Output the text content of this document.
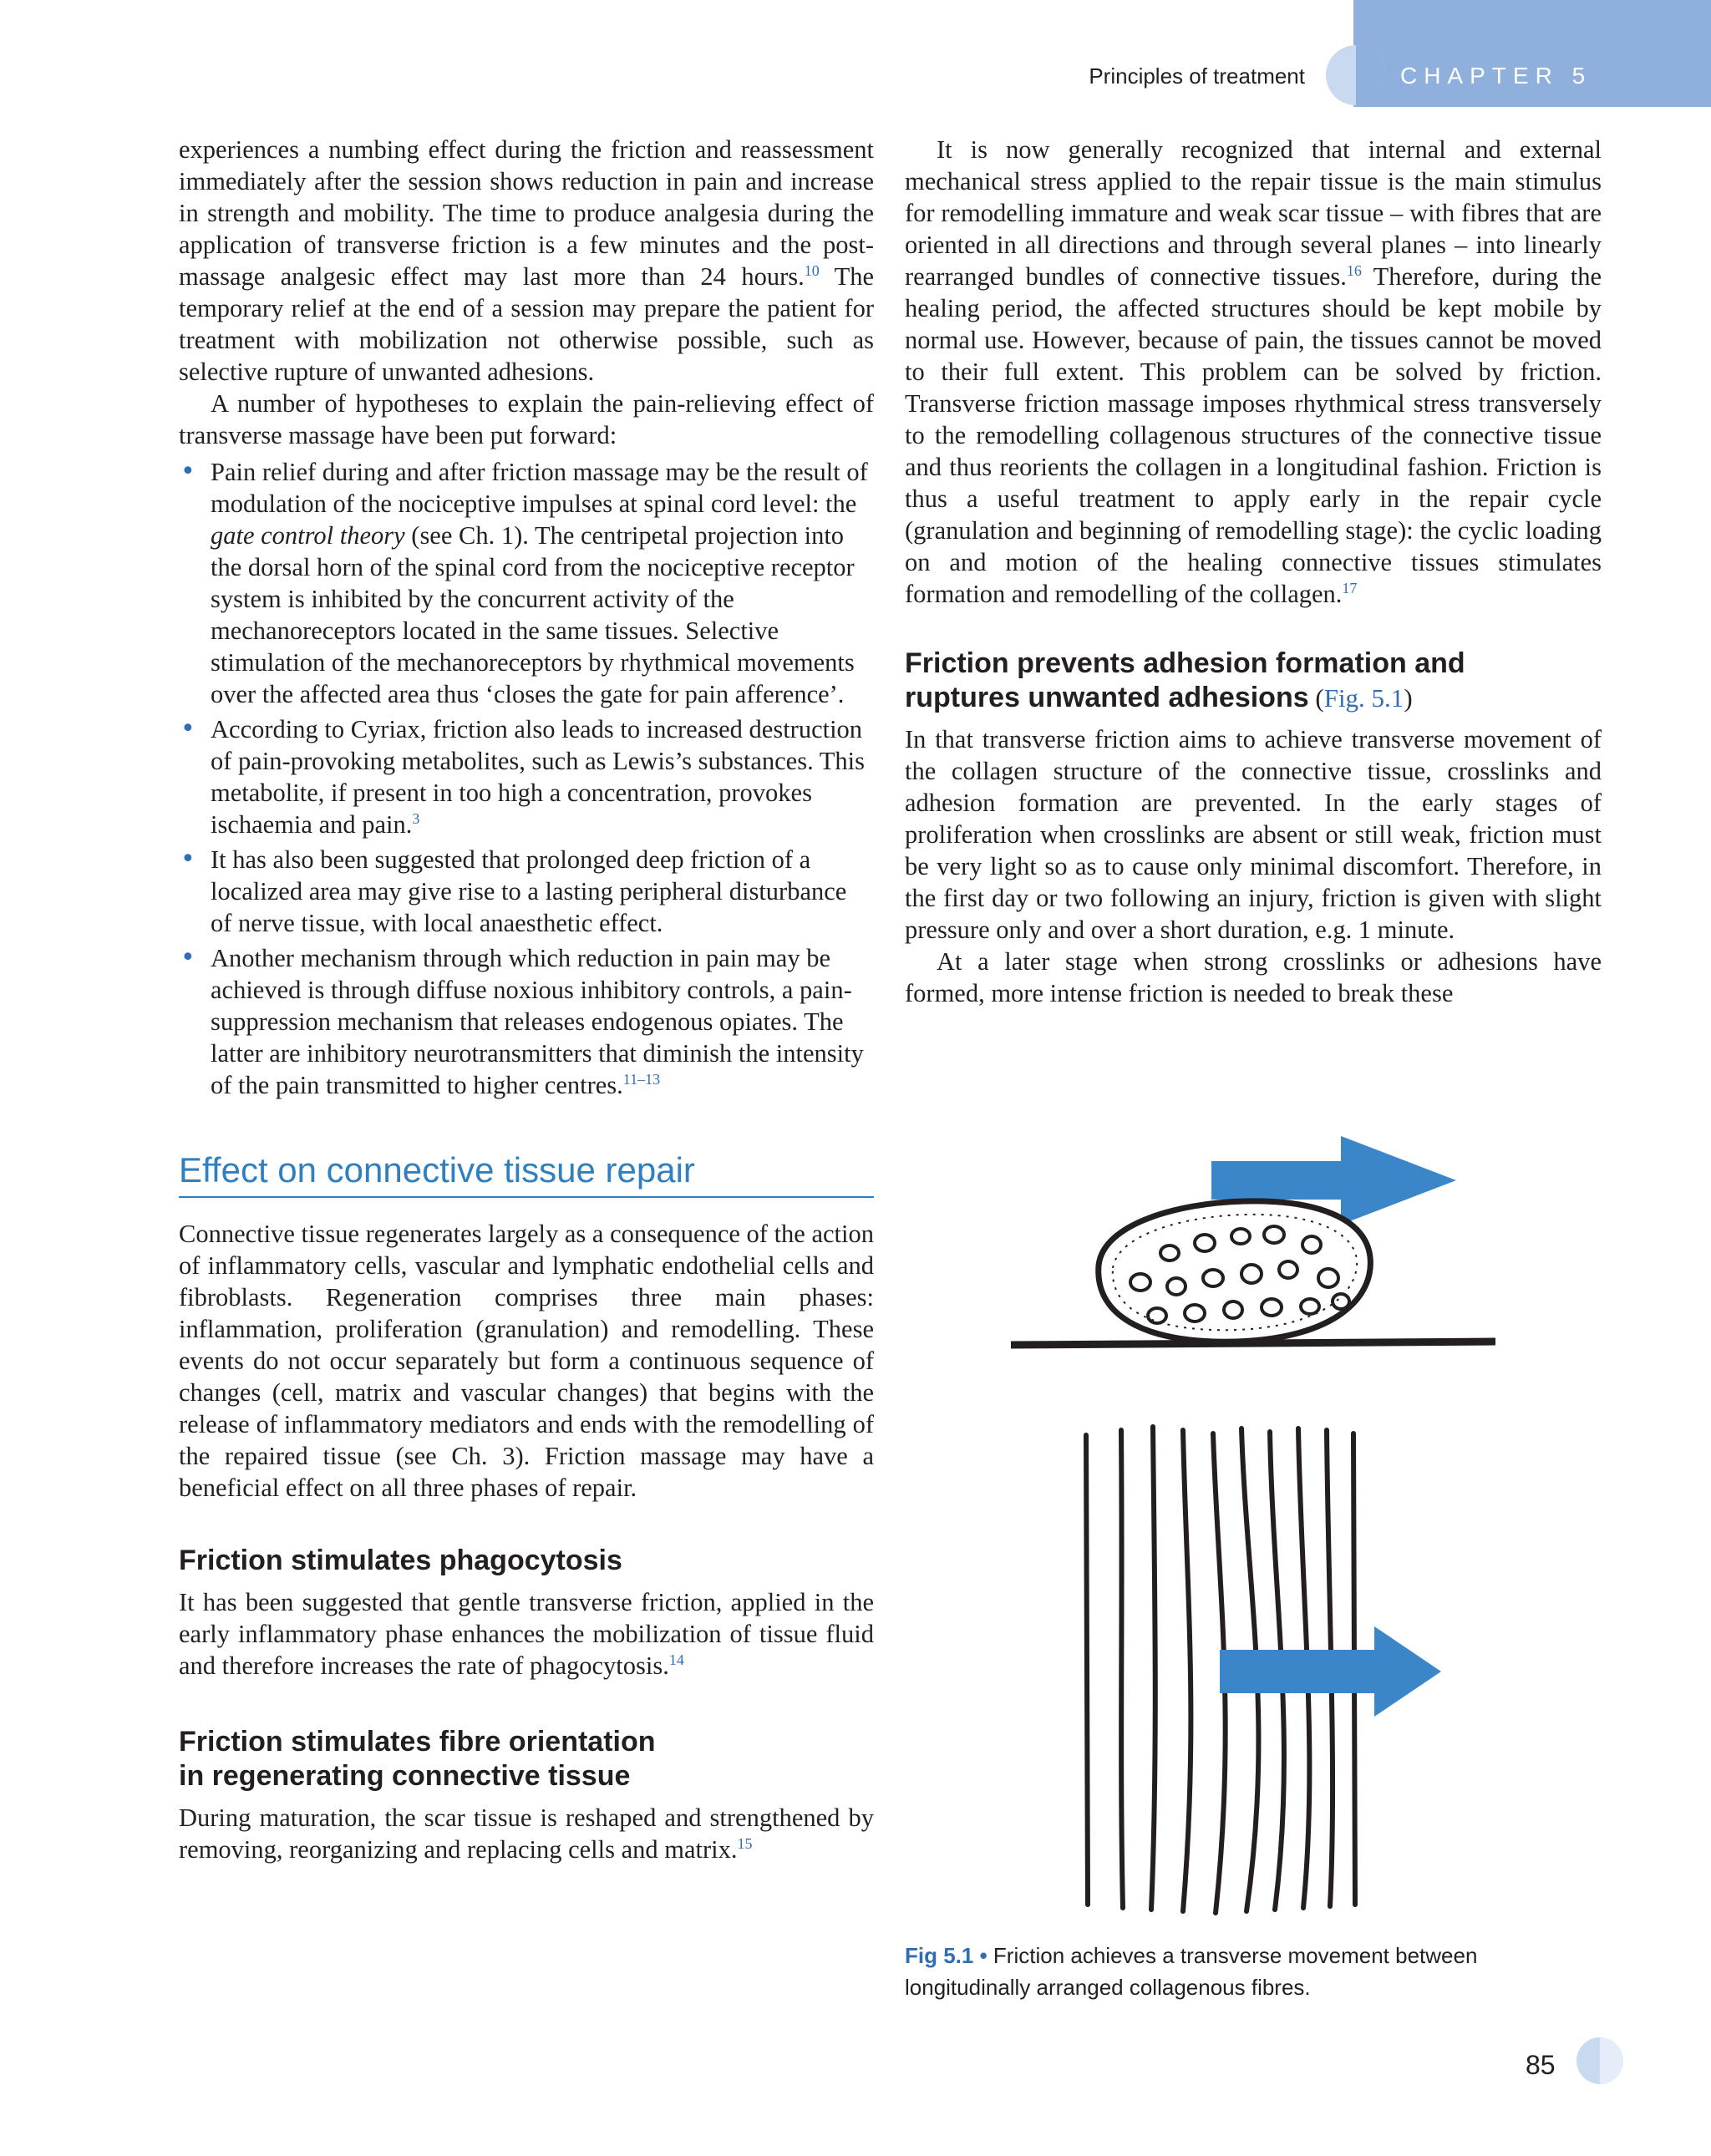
CHAPTER 5
Principles of treatment

experiences a numbing effect during the friction and reassessment immediately after the session shows reduction in pain and increase in strength and mobility. The time to produce analgesia during the application of transverse friction is a few minutes and the post-massage analgesic effect may last more than 24 hours.$^{10}$ The temporary relief at the end of a session may prepare the patient for treatment with mobilization not otherwise possible, such as selective rupture of unwanted adhesions.

A number of hypotheses to explain the pain-relieving effect of transverse massage have been put forward:

• Pain relief during and after friction massage may be the result of modulation of the nociceptive impulses at spinal cord level: the gate control theory (see Ch. 1). The centripetal projection into the dorsal horn of the spinal cord from the nociceptive receptor system is inhibited by the concurrent activity of the mechanoreceptors located in the same tissues. Selective stimulation of the mechanoreceptors by rhythmical movements over the affected area thus ‘closes the gate for pain afference’.
• According to Cyriax, friction also leads to increased destruction of pain-provoking metabolites, such as Lewis’s substances. This metabolite, if present in too high a concentration, provokes ischaemia and pain.$^3$
• It has also been suggested that prolonged deep friction of a localized area may give rise to a lasting peripheral disturbance of nerve tissue, with local anaesthetic effect.
• Another mechanism through which reduction in pain may be achieved is through diffuse noxious inhibitory controls, a pain-suppression mechanism that releases endogenous opiates. The latter are inhibitory neurotransmitters that diminish the intensity of the pain transmitted to higher centres.$^{11-13}$
Effect on connective tissue repair

Connective tissue regenerates largely as a consequence of the action of inflammatory cells, vascular and lymphatic endothelial cells and fibroblasts. Regeneration comprises three main phases: inflammation, proliferation (granulation) and remodelling. These events do not occur separately but form a continuous sequence of changes (cell, matrix and vascular changes) that begins with the release of inflammatory mediators and ends with the remodelling of the repaired tissue (see Ch. 3). Friction massage may have a beneficial effect on all three phases of repair.

Friction stimulates phagocytosis

It has been suggested that gentle transverse friction, applied in the early inflammatory phase enhances the mobilization of tissue fluid and therefore increases the rate of phagocytosis.$^{14}$

Friction stimulates fibre orientation
in regenerating connective tissue

During maturation, the scar tissue is reshaped and strengthened by removing, reorganizing and replacing cells and matrix.$^{15}$

It is now generally recognized that internal and external mechanical stress applied to the repair tissue is the main stimulus for remodelling immature and weak scar tissue – with fibres that are oriented in all directions and through several planes – into linearly rearranged bundles of connective tissues.$^{16}$ Therefore, during the healing period, the affected structures should be kept mobile by normal use. However, because of pain, the tissues cannot be moved to their full extent. This problem can be solved by friction. Transverse friction massage imposes rhythmical stress transversely to the remodelling collagenous structures of the connective tissue and thus reorients the collagen in a longitudinal fashion. Friction is thus a useful treatment to apply early in the repair cycle (granulation and beginning of remodelling stage): the cyclic loading on and motion of the healing connective tissues stimulates formation and remodelling of the collagen.$^{17}$

Friction prevents adhesion formation and
ruptures unwanted adhesions (Fig. 5.1)

In that transverse friction aims to achieve transverse movement of the collagen structure of the connective tissue, crosslinks and adhesion formation are prevented. In the early stages of proliferation when crosslinks are absent or still weak, friction must be very light so as to cause only minimal discomfort. Therefore, in the first day or two following an injury, friction is given with slight pressure only and over a short duration, e.g. 1 minute.

At a later stage when strong crosslinks or adhesions have formed, more intense friction is needed to break these

Fig 5.1 • Friction achieves a transverse movement between longitudinally arranged collagenous fibres.
85
